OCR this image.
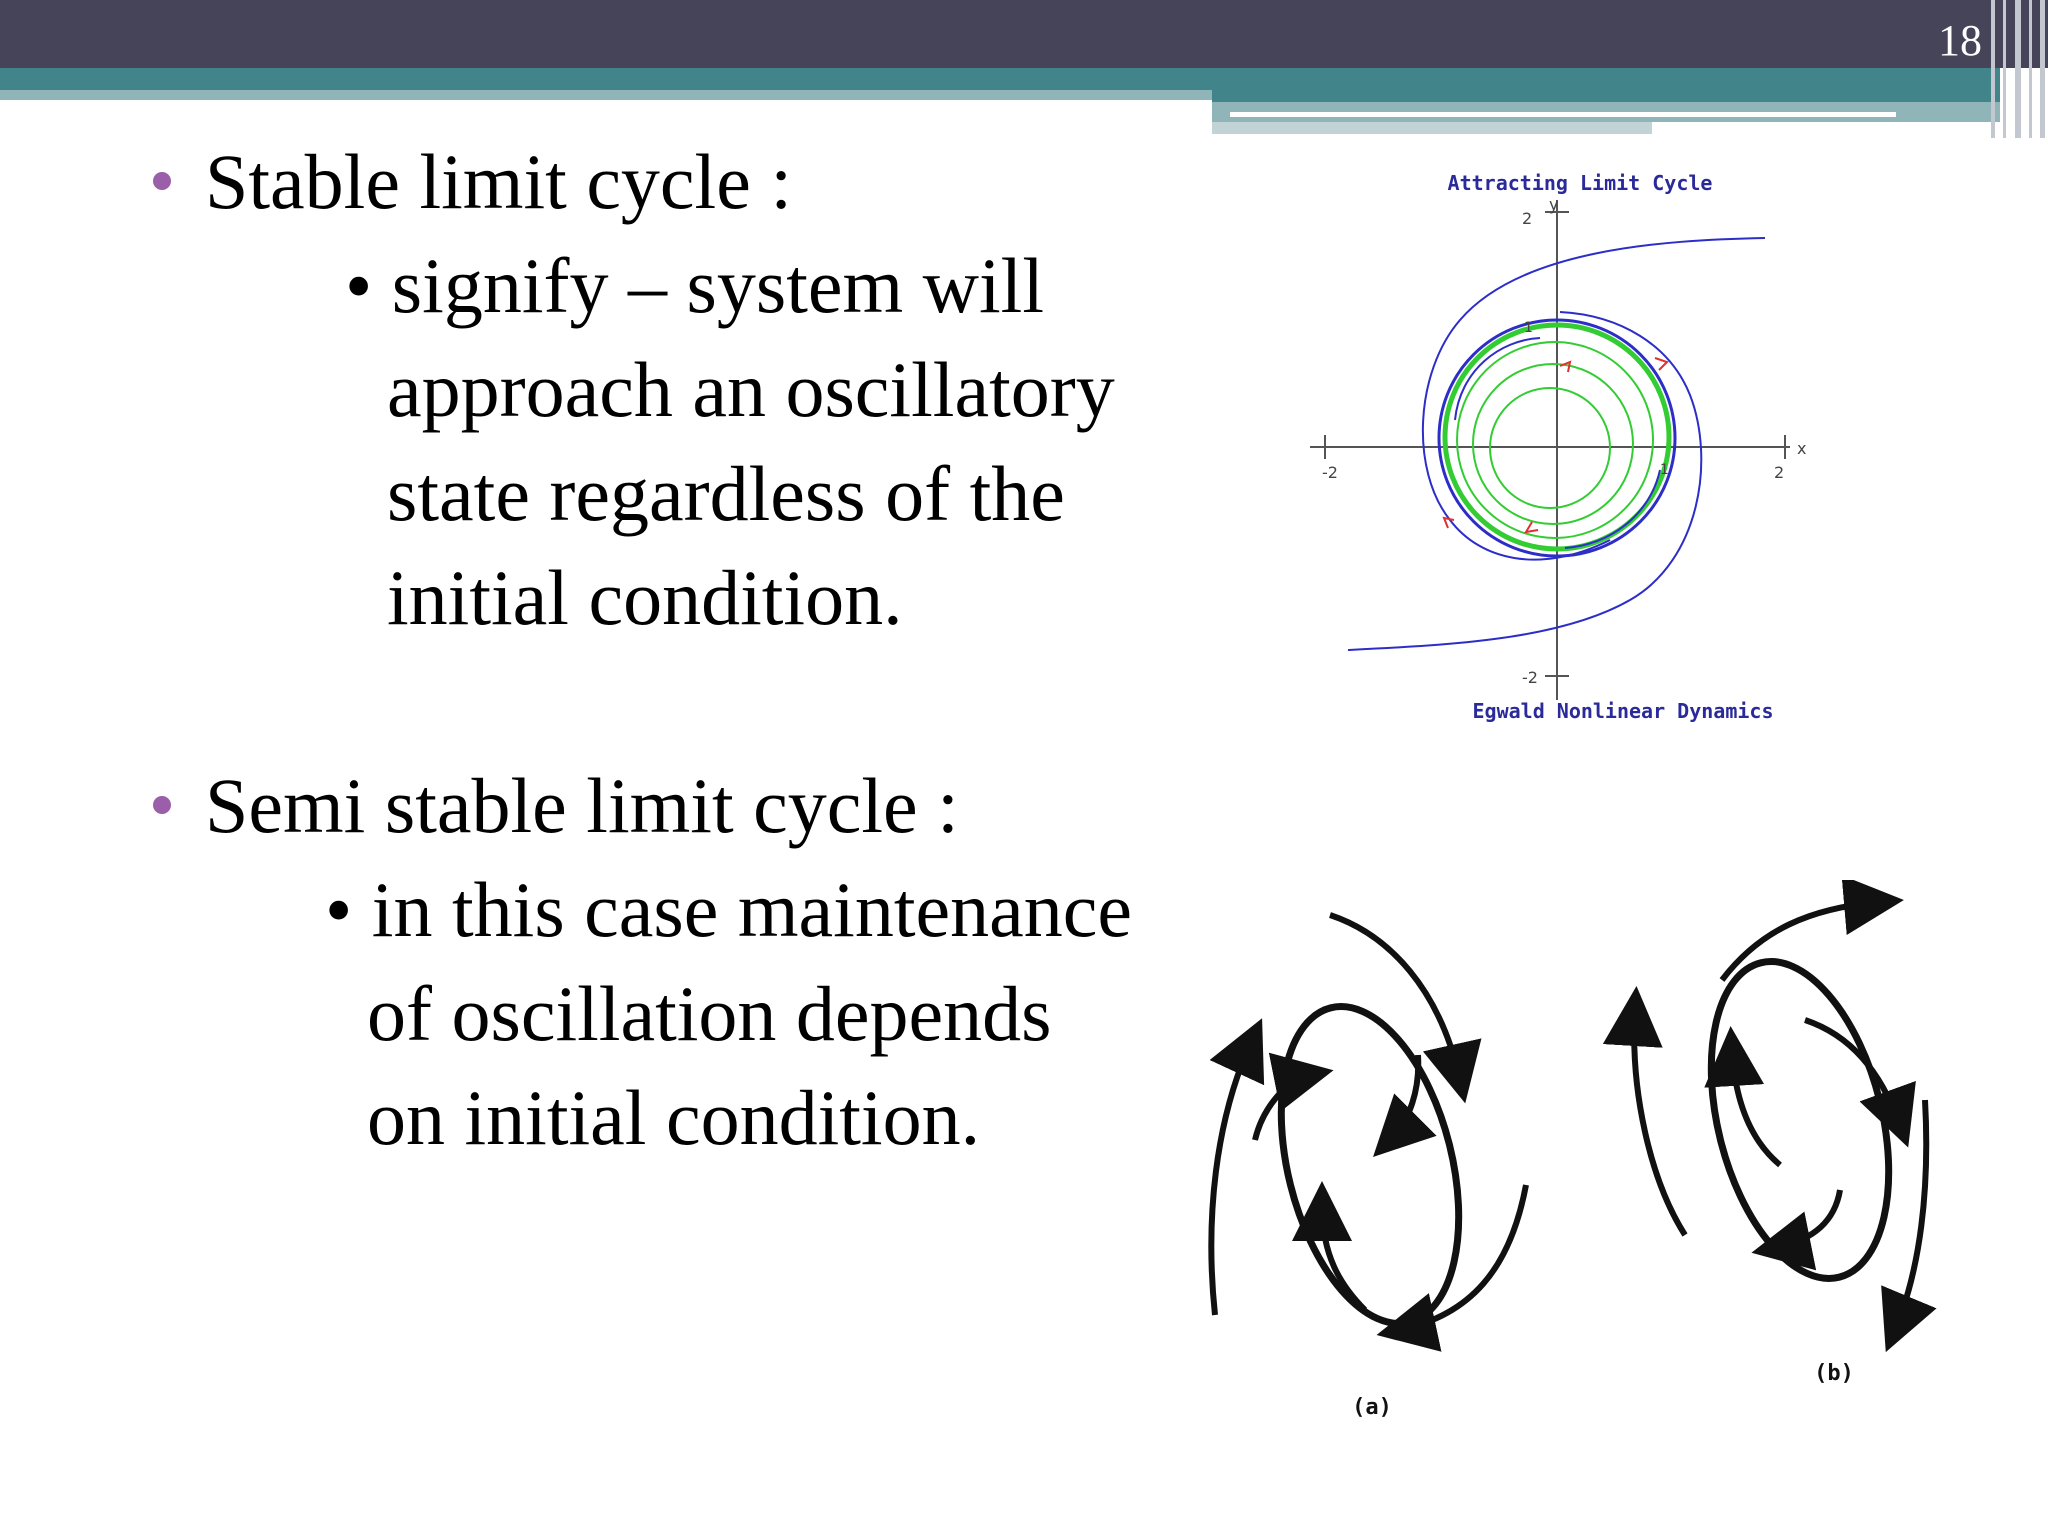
18
Stable limit cycle :
• signify – system will
approach an oscillatory
state regardless of the
initial condition.
Semi stable limit cycle :
• in this case maintenance
of oscillation depends
on initial condition.
Attracting Limit Cycle
Egwald Nonlinear Dynamics
-2	2
2
-2
x
y
1
1
(a)
(b)
